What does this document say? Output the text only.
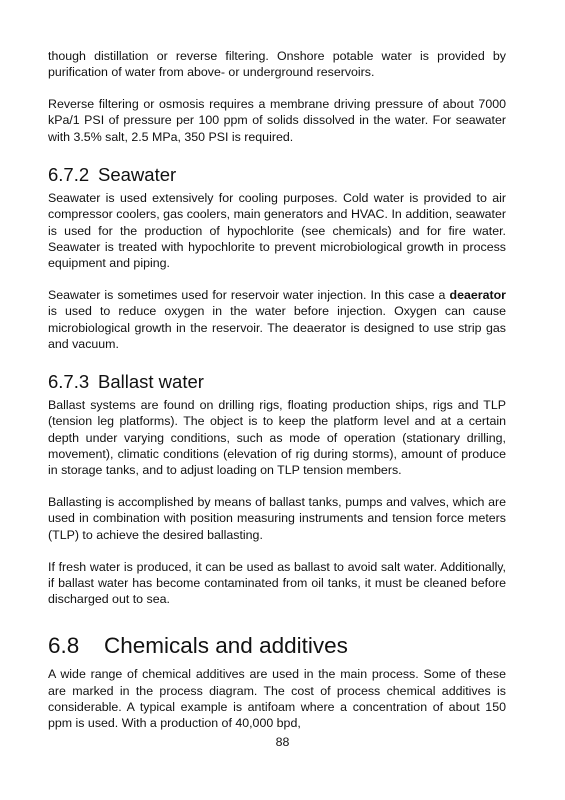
though distillation or reverse filtering. Onshore potable water is provided by purification of water from above- or underground reservoirs.

Reverse filtering or osmosis requires a membrane driving pressure of about 7000 kPa/1 PSI of pressure per 100 ppm of solids dissolved in the water. For seawater with 3.5% salt, 2.5 MPa, 350 PSI is required.

6.7.2 Seawater

Seawater is used extensively for cooling purposes. Cold water is provided to air compressor coolers, gas coolers, main generators and HVAC. In addition, seawater is used for the production of hypochlorite (see chemicals) and for fire water. Seawater is treated with hypochlorite to prevent microbiological growth in process equipment and piping.

Seawater is sometimes used for reservoir water injection. In this case a deaerator is used to reduce oxygen in the water before injection. Oxygen can cause microbiological growth in the reservoir. The deaerator is designed to use strip gas and vacuum.

6.7.3 Ballast water

Ballast systems are found on drilling rigs, floating production ships, rigs and TLP (tension leg platforms). The object is to keep the platform level and at a certain depth under varying conditions, such as mode of operation (stationary drilling, movement), climatic conditions (elevation of rig during storms), amount of produce in storage tanks, and to adjust loading on TLP tension members.

Ballasting is accomplished by means of ballast tanks, pumps and valves, which are used in combination with position measuring instruments and tension force meters (TLP) to achieve the desired ballasting.

If fresh water is produced, it can be used as ballast to avoid salt water. Additionally, if ballast water has become contaminated from oil tanks, it must be cleaned before discharged out to sea.

6.8 Chemicals and additives

A wide range of chemical additives are used in the main process. Some of these are marked in the process diagram. The cost of process chemical additives is considerable. A typical example is antifoam where a concentration of about 150 ppm is used. With a production of 40,000 bpd,

88
